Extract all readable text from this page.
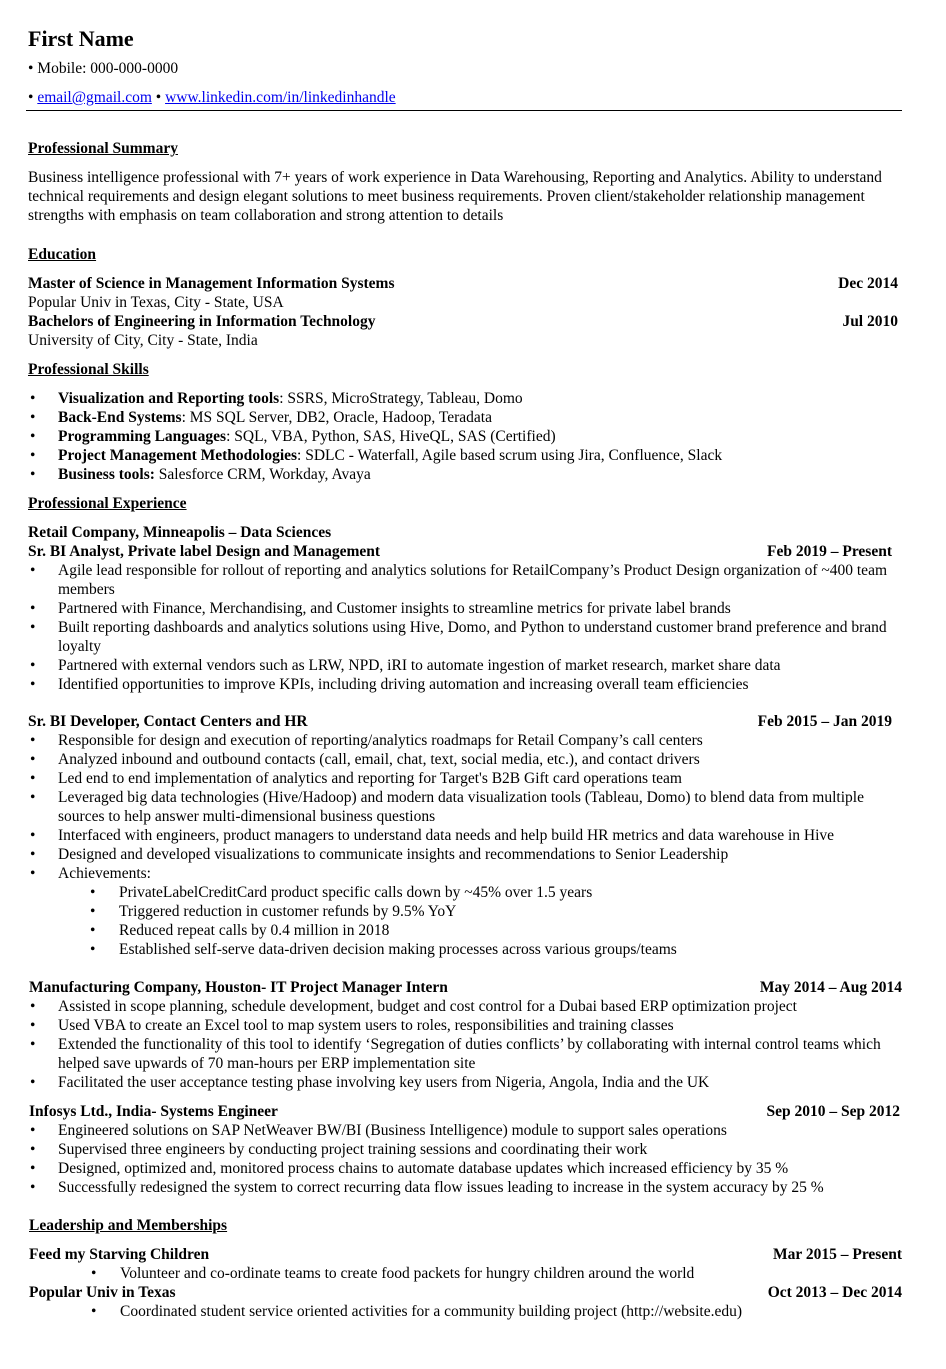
First Name
• Mobile: 000-000-0000
• email@gmail.com • www.linkedin.com/in/linkedinhandle
Professional Summary

Business intelligence professional with 7+ years of work experience in Data Warehousing, Reporting and Analytics. Ability to understand technical requirements and design elegant solutions to meet business requirements. Proven client/stakeholder relationship management strengths with emphasis on team collaboration and strong attention to details

Education
Master of Science in Management Information Systems	Dec 2014

Popular Univ in Texas, City - State, USA

Bachelors of Engineering in Information Technology	Jul 2010

University of City, City - State, India

Professional Skills
• Visualization and Reporting tools: SSRS, MicroStrategy, Tableau, Domo
• Back-End Systems: MS SQL Server, DB2, Oracle, Hadoop, Teradata
• Programming Languages: SQL, VBA, Python, SAS, HiveQL, SAS (Certified)
• Project Management Methodologies: SDLC - Waterfall, Agile based scrum using Jira, Confluence, Slack
• Business tools: Salesforce CRM, Workday, Avaya
Professional Experience
Retail Company, Minneapolis – Data Sciences
Sr. BI Analyst, Private label Design and Management	Feb 2019 – Present
• Agile lead responsible for rollout of reporting and analytics solutions for RetailCompany’s Product Design organization of ~400 team members
• Partnered with Finance, Merchandising, and Customer insights to streamline metrics for private label brands
• Built reporting dashboards and analytics solutions using Hive, Domo, and Python to understand customer brand preference and brand loyalty
• Partnered with external vendors such as LRW, NPD, iRI to automate ingestion of market research, market share data
• Identified opportunities to improve KPIs, including driving automation and increasing overall team efficiencies
Sr. BI Developer, Contact Centers and HR	Feb 2015 – Jan 2019
• Responsible for design and execution of reporting/analytics roadmaps for Retail Company’s call centers
• Analyzed inbound and outbound contacts (call, email, chat, text, social media, etc.), and contact drivers
• Led end to end implementation of analytics and reporting for Target's B2B Gift card operations team
• Leveraged big data technologies (Hive/Hadoop) and modern data visualization tools (Tableau, Domo) to blend data from multiple sources to help answer multi-dimensional business questions
• Interfaced with engineers, product managers to understand data needs and help build HR metrics and data warehouse in Hive
• Designed and developed visualizations to communicate insights and recommendations to Senior Leadership
• Achievements:
• PrivateLabelCreditCard product specific calls down by ~45% over 1.5 years
• Triggered reduction in customer refunds by 9.5% YoY
• Reduced repeat calls by 0.4 million in 2018
• Established self-serve data-driven decision making processes across various groups/teams
Manufacturing Company, Houston- IT Project Manager Intern	May 2014 – Aug 2014
• Assisted in scope planning, schedule development, budget and cost control for a Dubai based ERP optimization project
• Used VBA to create an Excel tool to map system users to roles, responsibilities and training classes
• Extended the functionality of this tool to identify ‘Segregation of duties conflicts’ by collaborating with internal control teams which helped save upwards of 70 man-hours per ERP implementation site
• Facilitated the user acceptance testing phase involving key users from Nigeria, Angola, India and the UK
Infosys Ltd., India- Systems Engineer	Sep 2010 – Sep 2012
• Engineered solutions on SAP NetWeaver BW/BI (Business Intelligence) module to support sales operations
• Supervised three engineers by conducting project training sessions and coordinating their work
• Designed, optimized and, monitored process chains to automate database updates which increased efficiency by 35 %
• Successfully redesigned the system to correct recurring data flow issues leading to increase in the system accuracy by 25 %
Leadership and Memberships
Feed my Starving Children	Mar 2015 – Present
• Volunteer and co-ordinate teams to create food packets for hungry children around the world
Popular Univ in Texas	Oct 2013 – Dec 2014
• Coordinated student service oriented activities for a community building project (http://website.edu)
